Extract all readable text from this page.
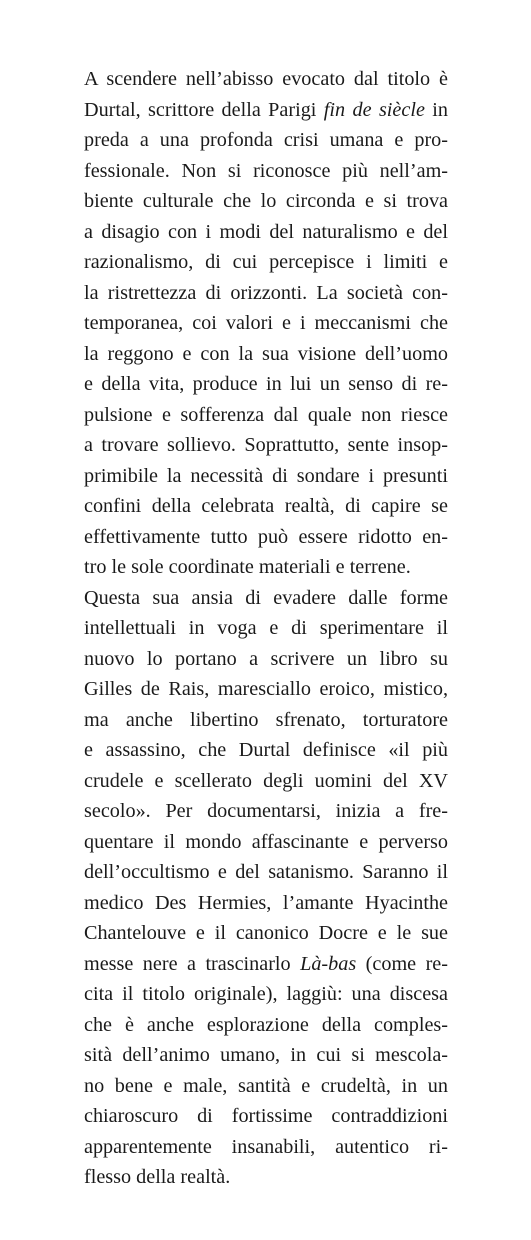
A scendere nell’abisso evocato dal titolo è
Durtal, scrittore della Parigi fin de siècle in
preda a una profonda crisi umana e pro-
fessionale. Non si riconosce più nell’am-
biente culturale che lo circonda e si trova
a disagio con i modi del naturalismo e del
razionalismo, di cui percepisce i limiti e
la ristrettezza di orizzonti. La società con-
temporanea, coi valori e i meccanismi che
la reggono e con la sua visione dell’uomo
e della vita, produce in lui un senso di re-
pulsione e sofferenza dal quale non riesce
a trovare sollievo. Soprattutto, sente insop-
primibile la necessità di sondare i presunti
confini della celebrata realtà, di capire se
effettivamente tutto può essere ridotto en-
tro le sole coordinate materiali e terrene.
Questa sua ansia di evadere dalle forme
intellettuali in voga e di sperimentare il
nuovo lo portano a scrivere un libro su
Gilles de Rais, maresciallo eroico, mistico,
ma anche libertino sfrenato, torturatore
e assassino, che Durtal definisce «il più
crudele e scellerato degli uomini del XV
secolo». Per documentarsi, inizia a fre-
quentare il mondo affascinante e perverso
dell’occultismo e del satanismo. Saranno il
medico Des Hermies, l’amante Hyacinthe
Chantelouve e il canonico Docre e le sue
messe nere a trascinarlo Là-bas (come re-
cita il titolo originale), laggiù: una discesa
che è anche esplorazione della comples-
sità dell’animo umano, in cui si mescola-
no bene e male, santità e crudeltà, in un
chiaroscuro di fortissime contraddizioni
apparentemente insanabili, autentico ri-
flesso della realtà.
